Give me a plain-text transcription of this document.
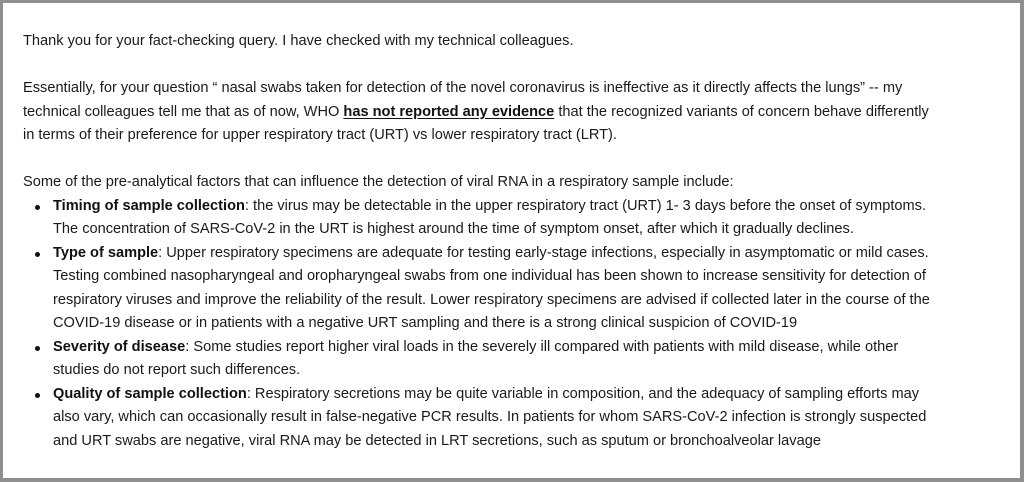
Thank you for your fact-checking query. I have checked with my technical colleagues.

Essentially, for your question “ nasal swabs taken for detection of the novel coronavirus is ineffective as it directly affects the lungs” -- my
technical colleagues tell me that as of now, WHO has not reported any evidence that the recognized variants of concern behave differently
in terms of their preference for upper respiratory tract (URT) vs lower respiratory tract (LRT).

Some of the pre-analytical factors that can influence the detection of viral RNA in a respiratory sample include:

Timing of sample collection: the virus may be detectable in the upper respiratory tract (URT) 1- 3 days before the onset of symptoms.
The concentration of SARS-CoV-2 in the URT is highest around the time of symptom onset, after which it gradually declines.
Type of sample: Upper respiratory specimens are adequate for testing early-stage infections, especially in asymptomatic or mild cases.
Testing combined nasopharyngeal and oropharyngeal swabs from one individual has been shown to increase sensitivity for detection of
respiratory viruses and improve the reliability of the result. Lower respiratory specimens are advised if collected later in the course of the
COVID-19 disease or in patients with a negative URT sampling and there is a strong clinical suspicion of COVID-19
Severity of disease: Some studies report higher viral loads in the severely ill compared with patients with mild disease, while other
studies do not report such differences.
Quality of sample collection: Respiratory secretions may be quite variable in composition, and the adequacy of sampling efforts may
also vary, which can occasionally result in false-negative PCR results. In patients for whom SARS-CoV-2 infection is strongly suspected
and URT swabs are negative, viral RNA may be detected in LRT secretions, such as sputum or bronchoalveolar lavage
